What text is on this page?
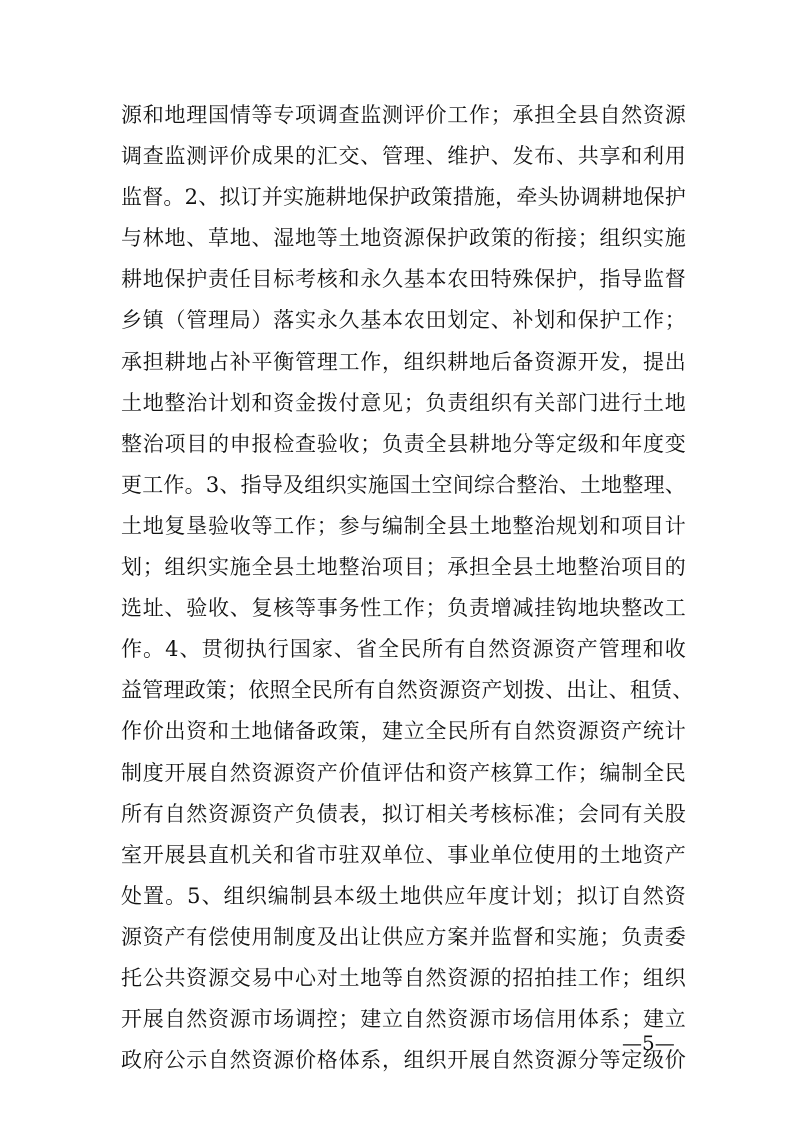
源和地理国情等专项调查监测评价工作；承担全县自然资源
调查监测评价成果的汇交、管理、维护、发布、共享和利用
监督。2、拟订并实施耕地保护政策措施，牵头协调耕地保护
与林地、草地、湿地等土地资源保护政策的衔接；组织实施
耕地保护责任目标考核和永久基本农田特殊保护，指导监督
乡镇（管理局）落实永久基本农田划定、补划和保护工作；
承担耕地占补平衡管理工作，组织耕地后备资源开发，提出
土地整治计划和资金拨付意见；负责组织有关部门进行土地
整治项目的申报检查验收；负责全县耕地分等定级和年度变
更工作。3、指导及组织实施国土空间综合整治、土地整理、
土地复垦验收等工作；参与编制全县土地整治规划和项目计
划；组织实施全县土地整治项目；承担全县土地整治项目的
选址、验收、复核等事务性工作；负责增减挂钩地块整改工
作。4、贯彻执行国家、省全民所有自然资源资产管理和收
益管理政策；依照全民所有自然资源资产划拨、出让、租赁、
作价出资和土地储备政策，建立全民所有自然资源资产统计
制度开展自然资源资产价值评估和资产核算工作；编制全民
所有自然资源资产负债表，拟订相关考核标准；会同有关股
室开展县直机关和省市驻双单位、事业单位使用的土地资产
处置。5、组织编制县本级土地供应年度计划；拟订自然资
源资产有偿使用制度及出让供应方案并监督和实施；负责委
托公共资源交易中心对土地等自然资源的招拍挂工作；组织
开展自然资源市场调控；建立自然资源市场信用体系；建立
政府公示自然资源价格体系，组织开展自然资源分等定级价
—5—
